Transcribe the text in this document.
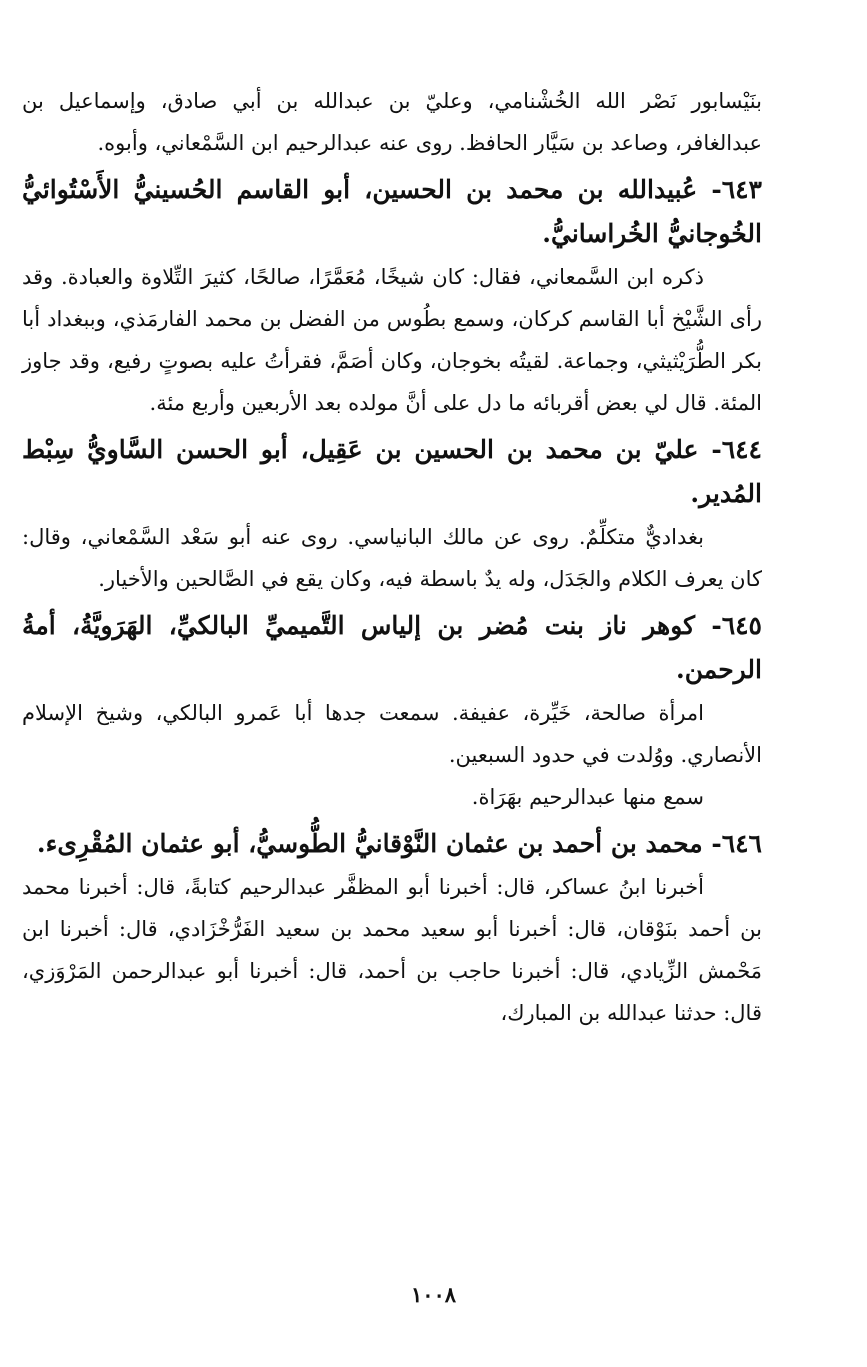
بنَيْسابور نَصْر الله الخُشْنامي، وعليّ بن عبدالله بن أبي صادق، وإسماعيل بن عبدالغافر، وصاعد بن سَيَّار الحافظ. روى عنه عبدالرحيم ابن السَّمْعاني، وأبوه.

٦٤٣- عُبيدالله بن محمد بن الحسين، أبو القاسم الحُسينيُّ الأَسْتُوائيُّ الخُوجانيُّ الخُراسانيُّ.

ذكره ابن السَّمعاني، فقال: كان شيخًا، مُعَمَّرًا، صالحًا، كثيرَ التِّلاوة والعبادة. وقد رأى الشَّيْخ أبا القاسم كركان، وسمع بطُوس من الفضل بن محمد الفارمَذي، وببغداد أبا بكر الطُّرَيْثيثي، وجماعة. لقيتُه بخوجان، وكان أصَمَّ، فقرأتُ عليه بصوتٍ رفيع، وقد جاوز المئة. قال لي بعض أقربائه ما دل على أنَّ مولده بعد الأربعين وأربع مئة.

٦٤٤- عليّ بن محمد بن الحسين بن عَقِيل، أبو الحسن السَّاويُّ سِبْط المُدير.

بغداديٌّ متكلِّمٌ. روى عن مالك البانياسي. روى عنه أبو سَعْد السَّمْعاني، وقال: كان يعرف الكلام والجَدَل، وله يدٌ باسطة فيه، وكان يقع في الصَّالحين والأخيار.

٦٤٥- كوهر ناز بنت مُضر بن إلياس التَّميميِّ البالكيِّ، الهَرَويَّةُ، أمةُ الرحمن.

امرأة صالحة، خَيِّرة، عفيفة. سمعت جدها أبا عَمرو البالكي، وشيخ الإسلام الأنصاري. ووُلدت في حدود السبعين.

سمع منها عبدالرحيم بهَرَاة.

٦٤٦- محمد بن أحمد بن عثمان النَّوْقانيُّ الطُّوسيُّ، أبو عثمان المُقْرِىء.

أخبرنا ابنُ عساكر، قال: أخبرنا أبو المظفَّر عبدالرحيم كتابةً، قال: أخبرنا محمد بن أحمد بنَوْقان، قال: أخبرنا أبو سعيد محمد بن سعيد الفَرُّخْزَادي، قال: أخبرنا ابن مَحْمش الزِّيادي، قال: أخبرنا حاجب بن أحمد، قال: أخبرنا أبو عبدالرحمن المَرْوَزي، قال: حدثنا عبدالله بن المبارك،

١٠٠٨
